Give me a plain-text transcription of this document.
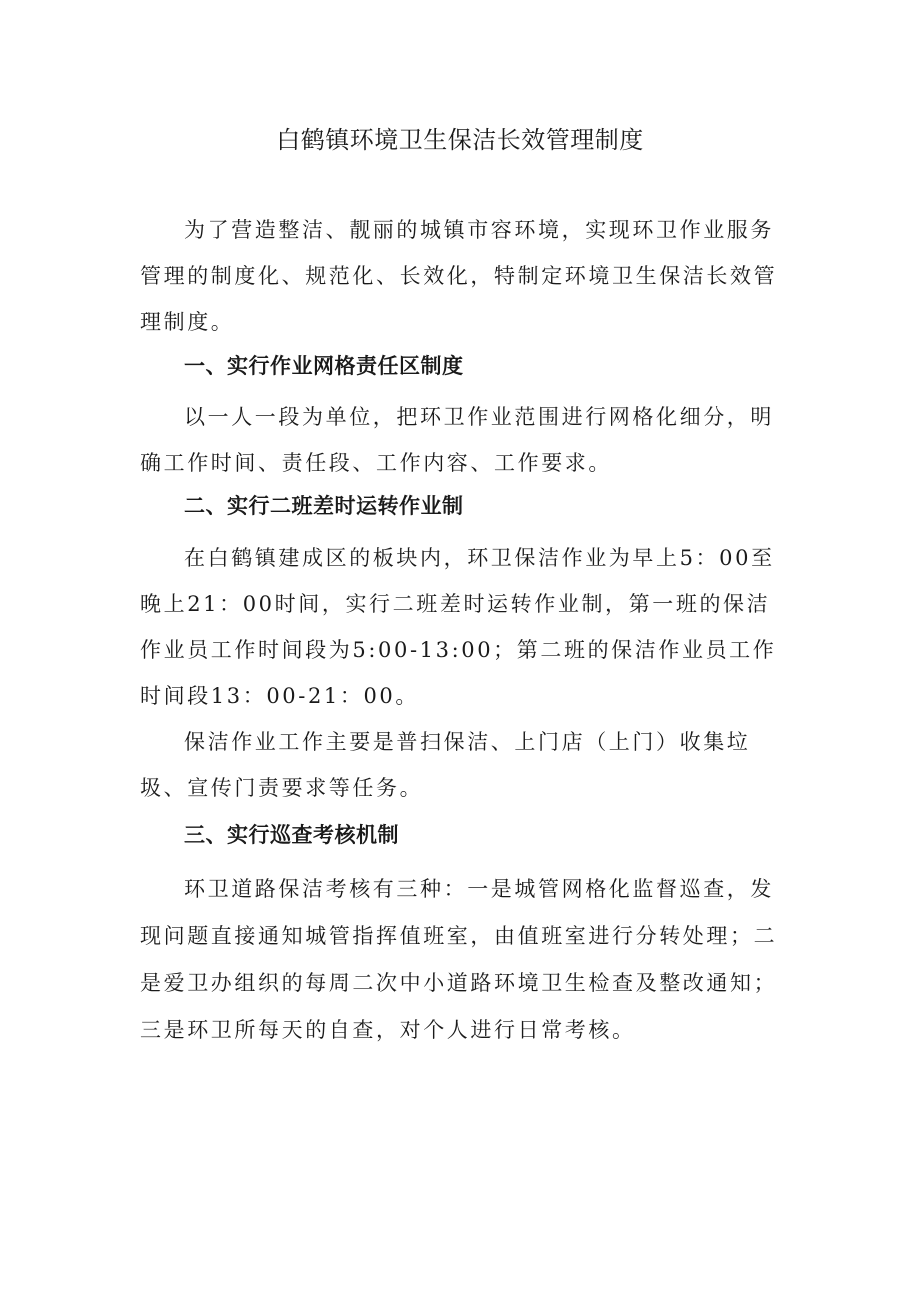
白鹤镇环境卫生保洁长效管理制度

为了营造整洁、靓丽的城镇市容环境，实现环卫作业服务管理的制度化、规范化、长效化，特制定环境卫生保洁长效管理制度。

一、实行作业网格责任区制度

以一人一段为单位，把环卫作业范围进行网格化细分，明确工作时间、责任段、工作内容、工作要求。

二、实行二班差时运转作业制

在白鹤镇建成区的板块内，环卫保洁作业为早上5：00至晚上21：00时间，实行二班差时运转作业制，第一班的保洁作业员工作时间段为5:00-13:00；第二班的保洁作业员工作时间段13：00-21：00。

保洁作业工作主要是普扫保洁、上门店（上门）收集垃圾、宣传门责要求等任务。

三、实行巡查考核机制

环卫道路保洁考核有三种：一是城管网格化监督巡查，发现问题直接通知城管指挥值班室，由值班室进行分转处理；二是爱卫办组织的每周二次中小道路环境卫生检查及整改通知；三是环卫所每天的自查，对个人进行日常考核。
